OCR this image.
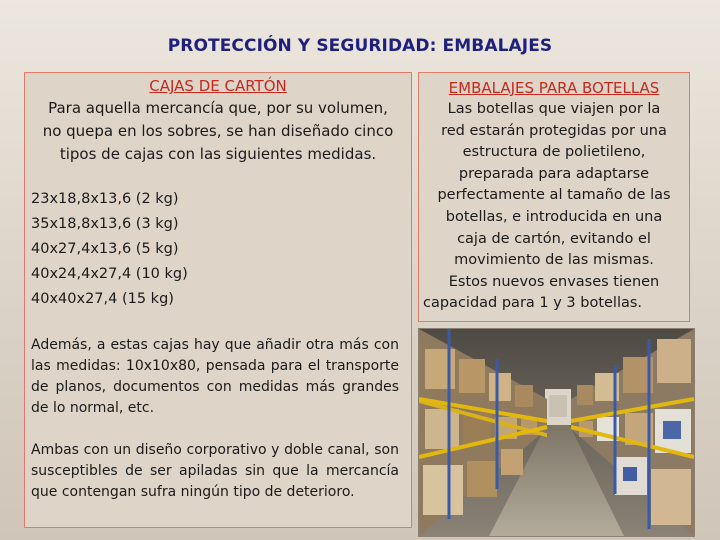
PROTECCIÓN Y SEGURIDAD: EMBALAJES

CAJAS DE CARTÓN

Para aquella mercancía que, por su volumen,

no quepa en los sobres, se han diseñado cinco

tipos de cajas con las siguientes medidas.

23x18,8x13,6 (2 kg)
35x18,8x13,6 (3 kg)
40x27,4x13,6 (5 kg)
40x24,4x27,4 (10 kg)
40x40x27,4 (15 kg)

Además, a estas cajas hay que añadir otra más con las medidas: 10x10x80, pensada para el transporte de planos, documentos con medidas más grandes de lo normal, etc.

Ambas con un diseño corporativo y doble canal, son susceptibles de ser apiladas sin que la mercancía que contengan sufra ningún tipo de deterioro.

EMBALAJES PARA BOTELLAS

Las botellas que viajen por la
red estarán protegidas por una
estructura de polietileno,
preparada para adaptarse
perfectamente al tamaño de las
botellas, e introducida en una
caja de cartón, evitando el
movimiento de las mismas.
Estos nuevos envases tienen
capacidad para 1 y 3 botellas.
